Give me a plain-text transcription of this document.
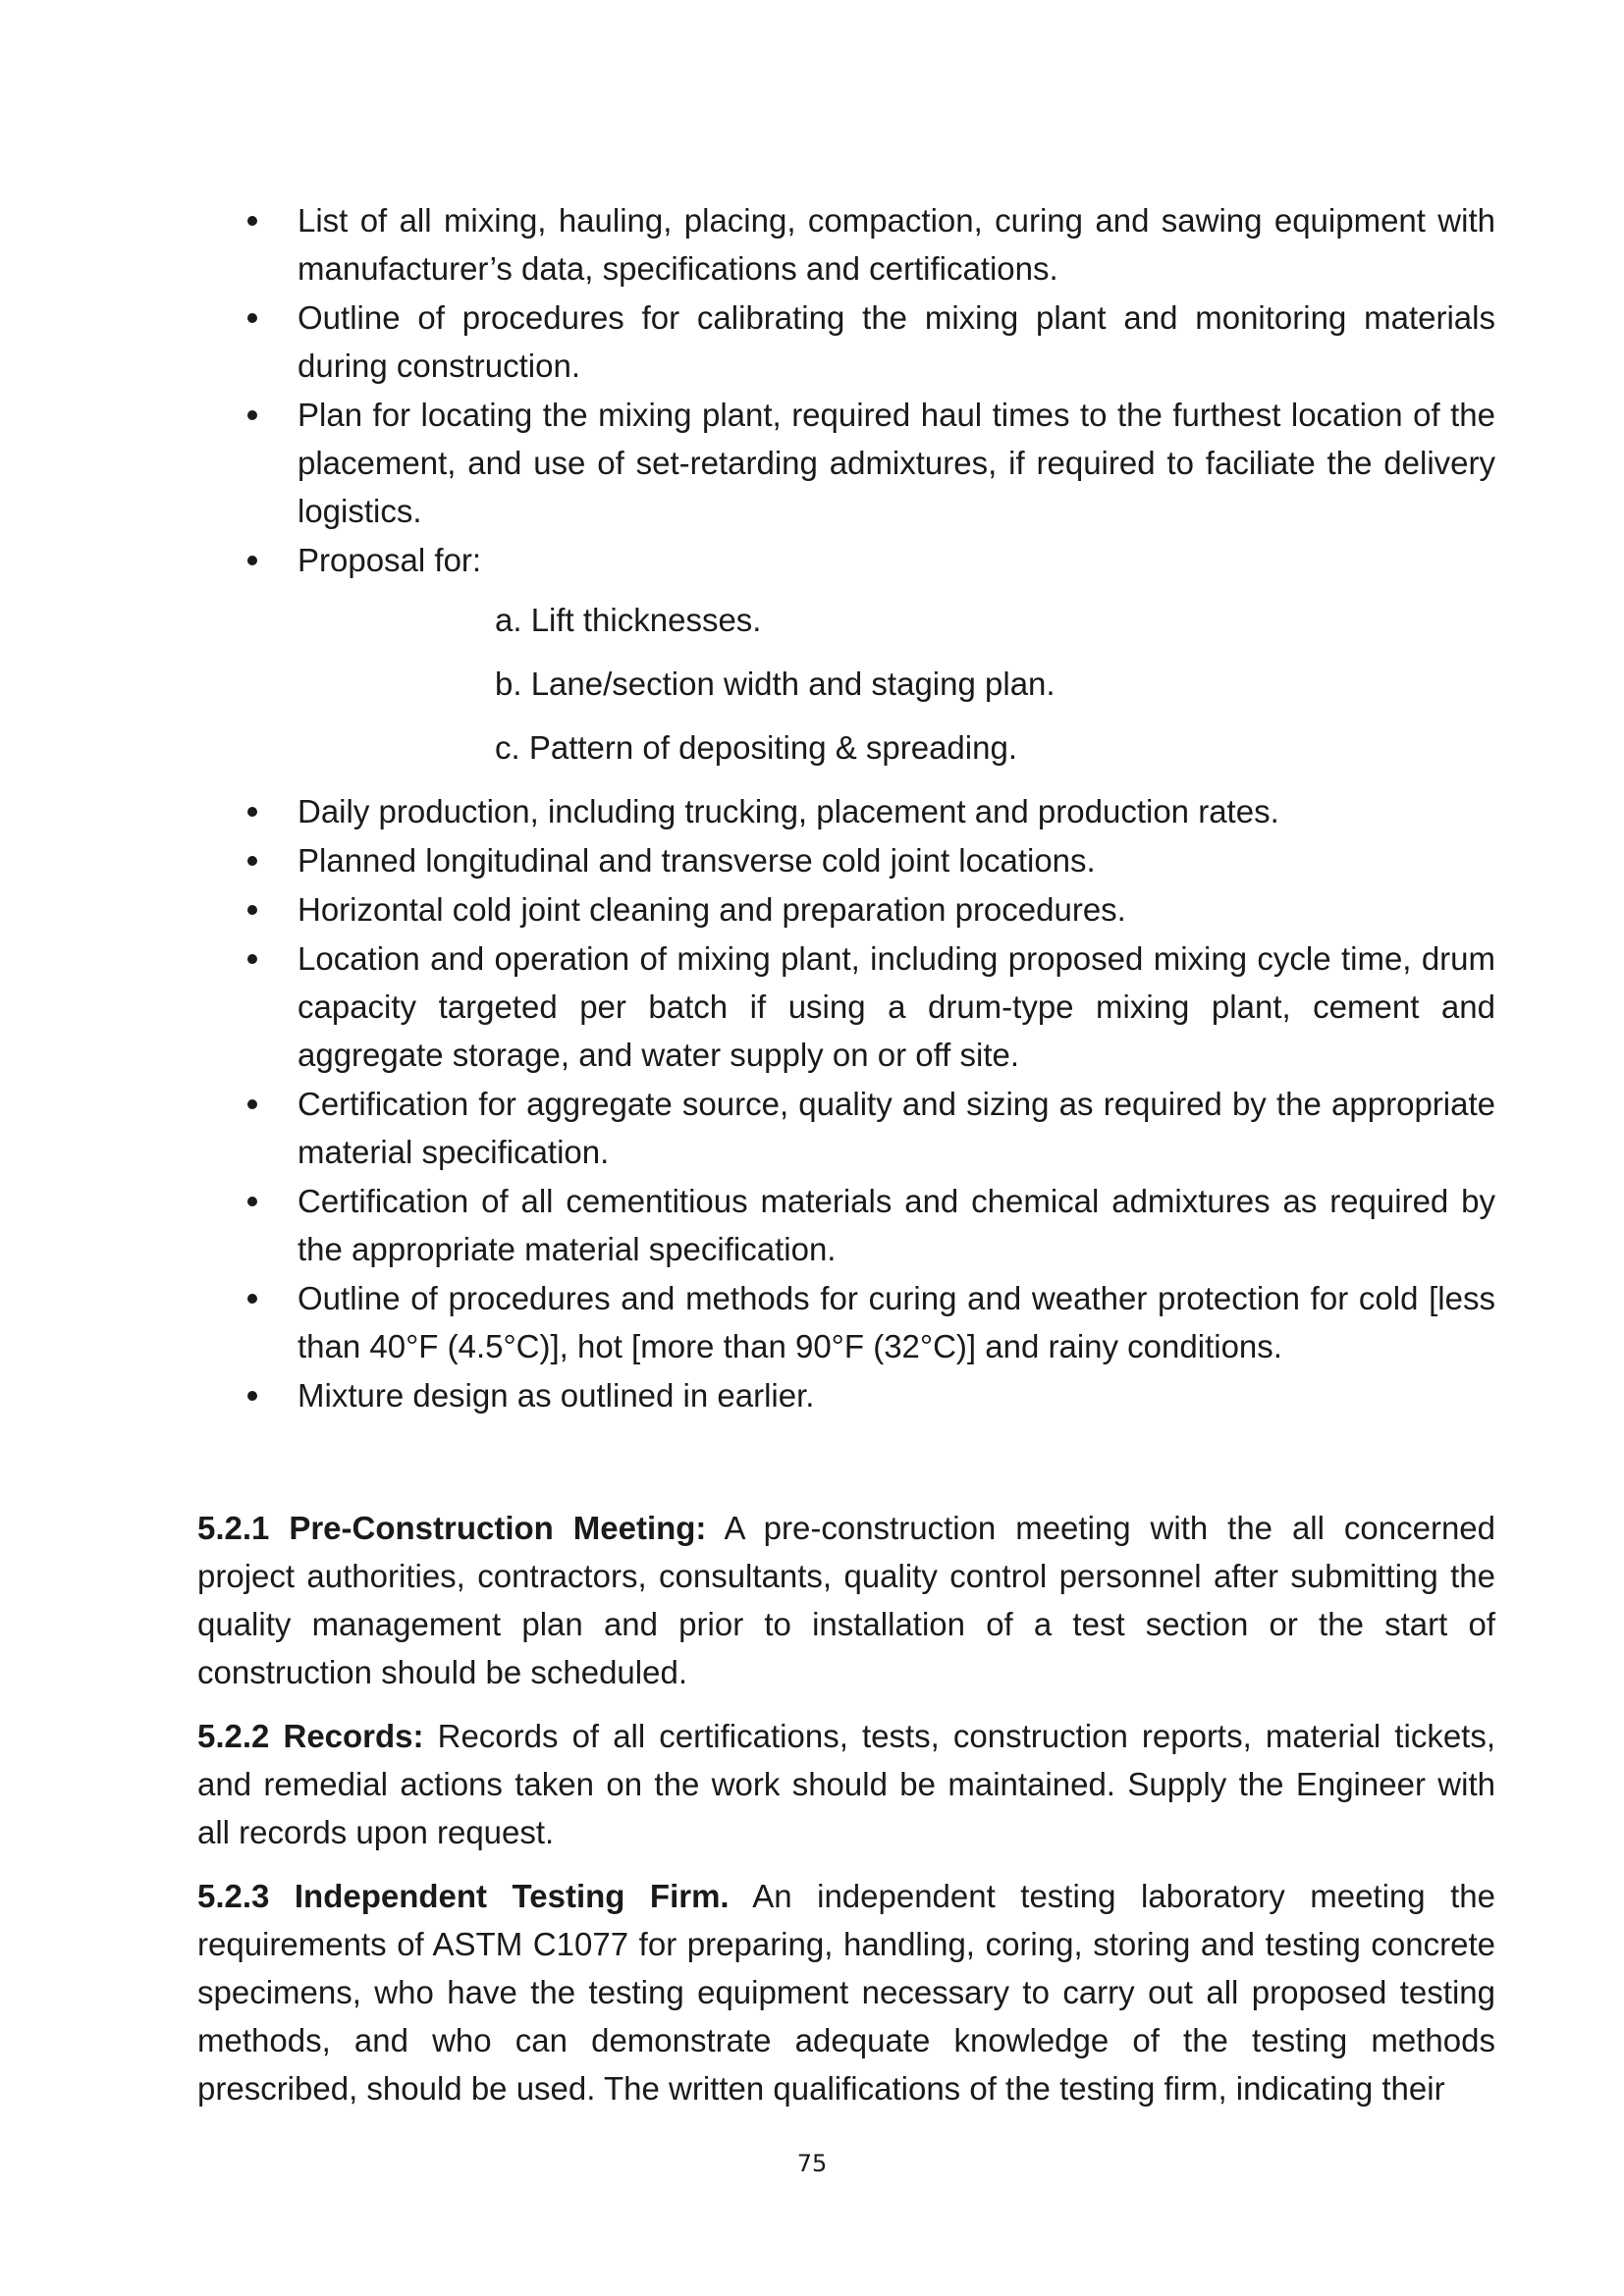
List of all mixing, hauling, placing, compaction, curing and sawing equipment with manufacturer’s data, specifications and certifications.
Outline of procedures for calibrating the mixing plant and monitoring materials during construction.
Plan for locating the mixing plant, required haul times to the furthest location of the placement, and use of set-retarding admixtures, if required to faciliate the delivery logistics.
Proposal for:
a. Lift thicknesses.
b. Lane/section width and staging plan.
c. Pattern of depositing & spreading.
Daily production, including trucking, placement and production rates.
Planned longitudinal and transverse cold joint locations.
Horizontal cold joint cleaning and preparation procedures.
Location and operation of mixing plant, including proposed mixing cycle time, drum capacity targeted per batch if using a drum-type mixing plant, cement and aggregate storage, and water supply on or off site.
Certification for aggregate source, quality and sizing as required by the appropriate material specification.
Certification of all cementitious materials and chemical admixtures as required by the appropriate material specification.
Outline of procedures and methods for curing and weather protection for cold [less than 40°F (4.5°C)], hot [more than 90°F (32°C)] and rainy conditions.
Mixture design as outlined in earlier.

5.2.1 Pre-Construction Meeting: A pre-construction meeting with the all concerned project authorities, contractors, consultants, quality control personnel after submitting the quality management plan and prior to installation of a test section or the start of construction should be scheduled.

5.2.2 Records: Records of all certifications, tests, construction reports, material tickets, and remedial actions taken on the work should be maintained. Supply the Engineer with all records upon request.

5.2.3 Independent Testing Firm. An independent testing laboratory meeting the requirements of ASTM C1077 for preparing, handling, coring, storing and testing concrete specimens, who have the testing equipment necessary to carry out all proposed testing methods, and who can demonstrate adequate knowledge of the testing methods prescribed, should be used. The written qualifications of the testing firm, indicating their

75
